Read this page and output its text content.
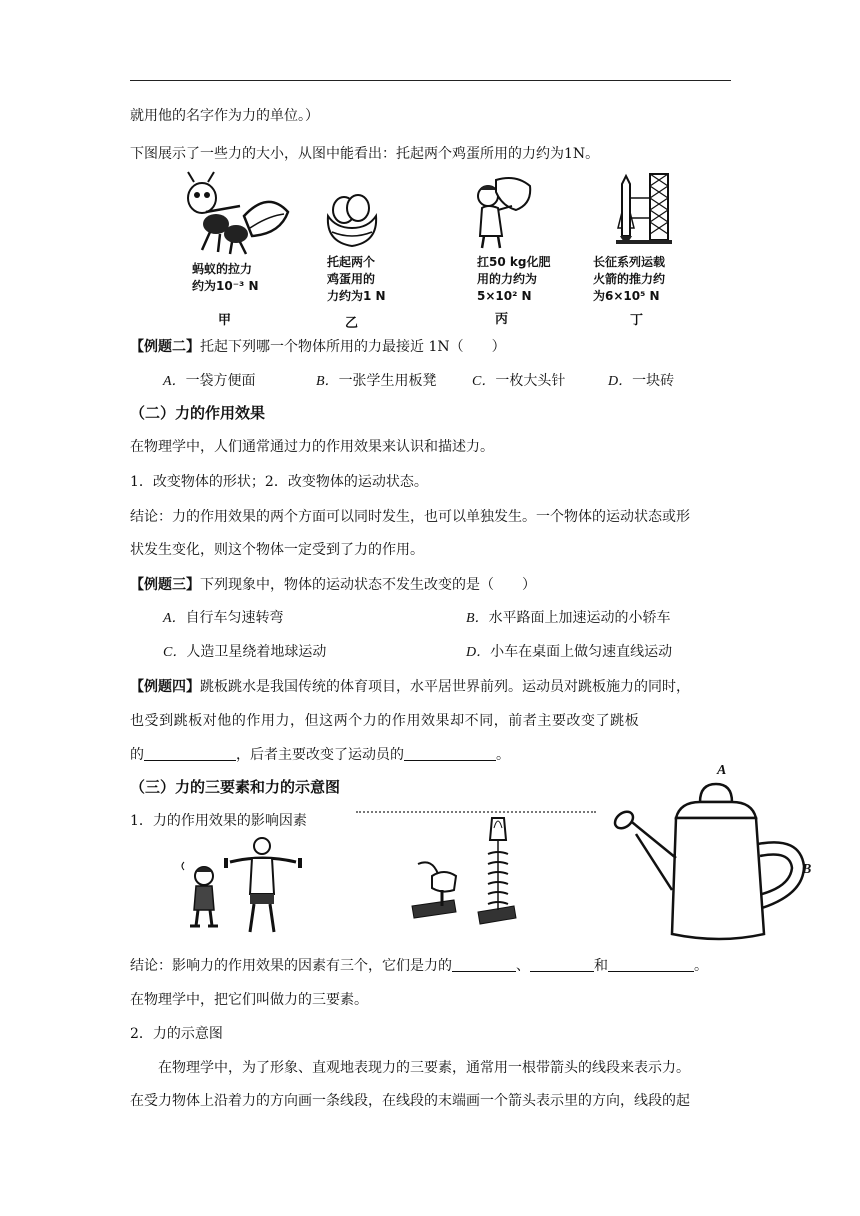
就用他的名字作为力的单位。）
下图展示了一些力的大小，从图中能看出：托起两个鸡蛋所用的力约为1N。
蚂蚁的拉力
约为10⁻³ N
甲
托起两个
鸡蛋用的
力约为1 N
乙
扛50 kg化肥
用的力约为
5×10² N
丙
长征系列运载
火箭的推力约
为6×10⁵ N
丁
【例题二】托起下列哪一个物体所用的力最接近 1N（　　）
A．一袋方便面	B．一张学生用板凳	C．一枚大头针	D．一块砖
（二）力的作用效果
在物理学中，人们通常通过力的作用效果来认识和描述力。
1．改变物体的形状；2．改变物体的运动状态。
结论：力的作用效果的两个方面可以同时发生，也可以单独发生。一个物体的运动状态或形
状发生变化，则这个物体一定受到了力的作用。
【例题三】下列现象中，物体的运动状态不发生改变的是（　　）
A．自行车匀速转弯	B．水平路面上加速运动的小轿车
C．人造卫星绕着地球运动	D．小车在桌面上做匀速直线运动
【例题四】跳板跳水是我国传统的体育项目，水平居世界前列。运动员对跳板施力的同时，
也受到跳板对他的作用力，但这两个力的作用效果却不同，前者主要改变了跳板
的	，后者主要改变了运动员的	。
（三）力的三要素和力的示意图
1．力的作用效果的影响因素
A
B
结论：影响力的作用效果的因素有三个，它们是力的	、	和	。
在物理学中，把它们叫做力的三要素。
2．力的示意图
在物理学中，为了形象、直观地表现力的三要素，通常用一根带箭头的线段来表示力。
在受力物体上沿着力的方向画一条线段，在线段的末端画一个箭头表示里的方向，线段的起
